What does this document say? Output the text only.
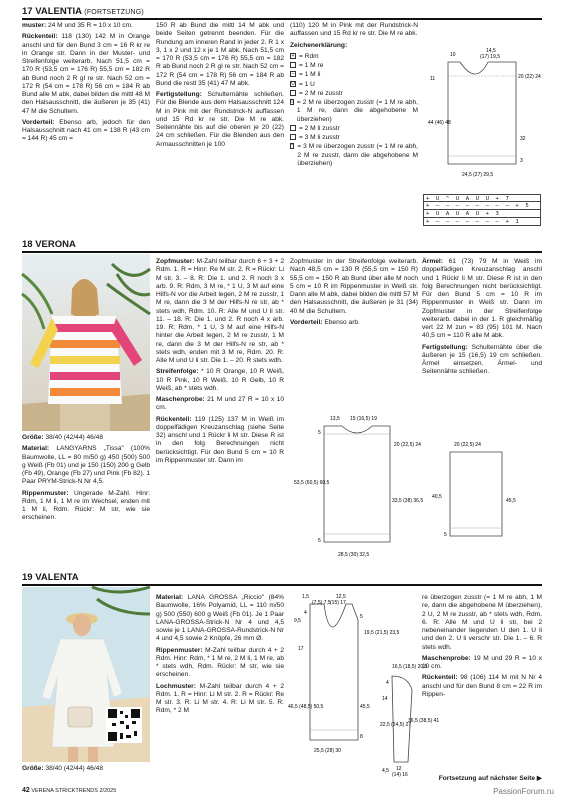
17 VALENTIA (FORTSETZUNG)

muster: 24 M und 35 R = 10 x 10 cm.

Rückenteil: 118 (130) 142 M in Orange anschl und für den Bund 3 cm = 16 R kr re in Orange str. Dann in der Muster- und Streifenfolge weiterarb. Nach 51,5 cm = 170 R (53,5 cm = 176 R) 55,5 cm = 182 R ab Bund noch 2 R gl re str. Nach 52 cm = 172 R (54 cm = 178 R) 56 cm = 184 R ab Bund alle M abk, dabei bilden die mittl 48 M den Halsausschnitt, die äußeren je 35 (41) 47 M die Schultern.

Vorderteil: Ebenso arb, jedoch für den Halsausschnitt nach 41 cm = 138 R (43 cm = 144 R) 45 cm =

150 R ab Bund die mittl 14 M abk und beide Seiten getrennt beenden. Für die Rundung am inneren Rand in jeder 2. R 1 x 3, 1 x 2 und 12 x je 1 M abk. Nach 51,5 cm = 170 R (53,5 cm = 176 R) 55,5 cm = 182 R ab Bund noch 2 R gl re str. Nach 52 cm = 172 R (54 cm = 178 R) 56 cm = 184 R ab Bund die restl 35 (41) 47 M abk.

Fertigstellung: Schulternähte schließen. Für die Blende aus dem Halsausschnitt 124 M in Pink mit der Rundstrick-N auffassen und 15 Rd kr re str. Die M re abk. Seitennähte bis auf die oberen je 20 (22) 24 cm schließen. Für die Blenden aus den Armausschnitten je 100

(110) 120 M in Pink mit der Rundstrick-N auffassen und 15 Rd kr re str. Die M re abk.

Zeichenerklärung:

+ = Rdm
= 1 M re
– = 1 M li
U = 1 U
= 2 M re zusstr
\ = 2 M re überzogen zusstr (= 1 M re abh, 1 M re, dann die abgehobene M überziehen)
= 2 M li zusstr
= 3 M li zusstr
^ = 3 M re überzogen zusstr (= 1 M re abh, 2 M re zusstr, dann die abgehobene M überziehen)
10
14,5
(17) 19,5
11	20 (22) 24
44 (46) 48
32
24,5 (27) 29,5
3
+ U ^ U A U U + 7
+ – – – – – – – – + 5
+ U A U A U + 3
+ – – – – – – – + 1
18 VERONA

Größe: 38/40 (42/44) 46/48

Material: LANGYARNS „Tissa" (100% Baumwolle, LL = 80 m/50 g) 450 (500) 500 g Weiß (Fb 01) und je 150 (150) 200 g Gelb (Fb 49), Orange (Fb 27) und Pink (Fb 82). 1 Paar PRYM-Strick-N Nr 4,5.

Rippenmuster: Ungerade M-Zahl. Hinr: Rdm, 1 M li, 1 M re im Wechsel, enden mit 1 M li, Rdm. Rückr: M str, wie sie erscheinen.

Zopfmuster: M-Zahl teilbar durch 6 + 3 + 2 Rdm. 1. R = Hinr: Re M str. 2. R = Rückr: Li M str. 3. – 8. R: Die 1. und 2. R noch 3 x arb. 9. R: Rdm, 3 M re, * 1 U, 3 M auf eine Hilfs-N vor die Arbeit legen, 2 M re zusstr, 1 M re, dann die 3 M der Hilfs-N re str, ab * stets wdh, Rdm. 10. R: Alle M und U li str. 11. – 18. R: Die 1. und 2. R noch 4 x arb. 19. R: Rdm, * 1 U, 3 M auf eine Hilfs-N hinter die Arbeit legen, 2 M re zusstr, 1 M re, dann die 3 M der Hilfs-N re str, ab * stets wdh, enden mit 3 M re, Rdm. 20. R: Alle M und U li str. Die 1. – 20. R stets wdh.

Streifenfolge: * 10 R Orange, 10 R Weiß, 10 R Pink, 10 R Weiß, 10 R Gelb, 10 R Weiß, ab * stets wdh.

Maschenprobe: 21 M und 27 R = 10 x 10 cm.

Rückenteil: 119 (125) 137 M in Weiß im doppelfädigen Kreuzanschlag (siehe Seite 32) anschl und 1 Rückr li M str. Diese R ist in den folg Berechnungen nicht berücksichtigt. Für den Bund 5 cm = 10 R im Rippenmuster str. Dann im

Zopfmuster in der Streifenfolge weiterarb. Nach 48,5 cm = 130 R (55,5 cm = 150 R) 55,5 cm = 150 R ab Bund über alle M noch 5 cm = 10 R im Rippenmuster in Weiß str. Dann alle M abk, dabei bilden die mittl 57 M den Halsausschnitt, die äußeren je 31 (34) 40 M die Schultern.

Vorderteil: Ebenso arb.

Ärmel: 61 (73) 79 M in Weiß im doppelfädigen Kreuzanschlag anschl und 1 Rückr li M str. Diese R ist in den folg Berechnungen nicht berücksichtigt. Für den Bund 5 cm = 10 R im Rippenmuster in Weiß str. Dann im Zopfmuster in der Streifenfolge weiterarb. dabei in der 1. R gleichmäßig vert 22 M zun = 83 (95) 101 M. Nach 40,5 cm = 110 R alle M abk.

Fertigstellung: Schulternähte über die äußeren je 15 (16,5) 19 cm schließen. Ärmel einsetzen. Ärmel- und Seitennähte schließen.

13,5 15 (16,5) 19
5
20 (22,5) 24
53,5 (60,5) 60,5
33,5 (38) 36,5
5
28,5 (30) 32,5
20 (22,5) 24
40,5
45,5
5
19 VALENTA

Größe: 38/40 (42/44) 46/48

Material: LANA GROSSA „Riccio" (84% Baumwolle, 16% Polyamid, LL = 110 m/50 g) 500 (550) 600 g Weiß (Fb 01). Je 1 Paar LANA-GROSSA-Strick-N Nr 4 und 4,5 sowie je 1 LANA-GROSSA-Rundstrick-N Nr 4 und 4,5 sowie 2 Knöpfe, 26 mm Ø.

Rippenmuster: M-Zahl teilbar durch 4 + 2 Rdm. Hinr: Rdm, * 1 M re, 2 M li, 1 M re, ab * stets wdh, Rdm. Rückr: M str, wie sie erscheinen.

Lochmuster: M-Zahl teilbar durch 4 + 2 Rdm. 1. R = Hinr: Li M str. 2. R = Rückr: Re M str. 3. R: Li M str. 4. R: Li M str. 5. R: Rdm, * 2 M

re überzogen zusstr (= 1 M re abh, 1 M re, dann die abgehobene M überziehen), 2 U, 2 M re zusstr, ab * stets wdh, Rdm. 6. R: Alle M und U li str, bei 2 nebeneinander liegenden U den 1. U li und den 2. U li verschr str. Die 1. – 6. R stets wdh.

Maschenprobe: 19 M und 29 R = 10 x 10 cm.

Rückenteil: 98 (106) 114 M mit N Nr 4 anschl und für den Bund 8 cm = 22 R im Rippen-

Fortsetzung auf nächster Seite ▶
1,5	12,5
(7,5) 7,5 (15) 17
4
9,5
5
19,5 (21,5) 23,5
17
46,5 (48,5) 50,5	45,5
8
25,5 (28) 30
16,5 (18,5) 20,5
4
14
22,5 (24,5) 27
36,5 (38,5) 41
4,5 12
(14) 16
42 VERENA STRICKTRENDS 2/2025	PassionForum.ru
